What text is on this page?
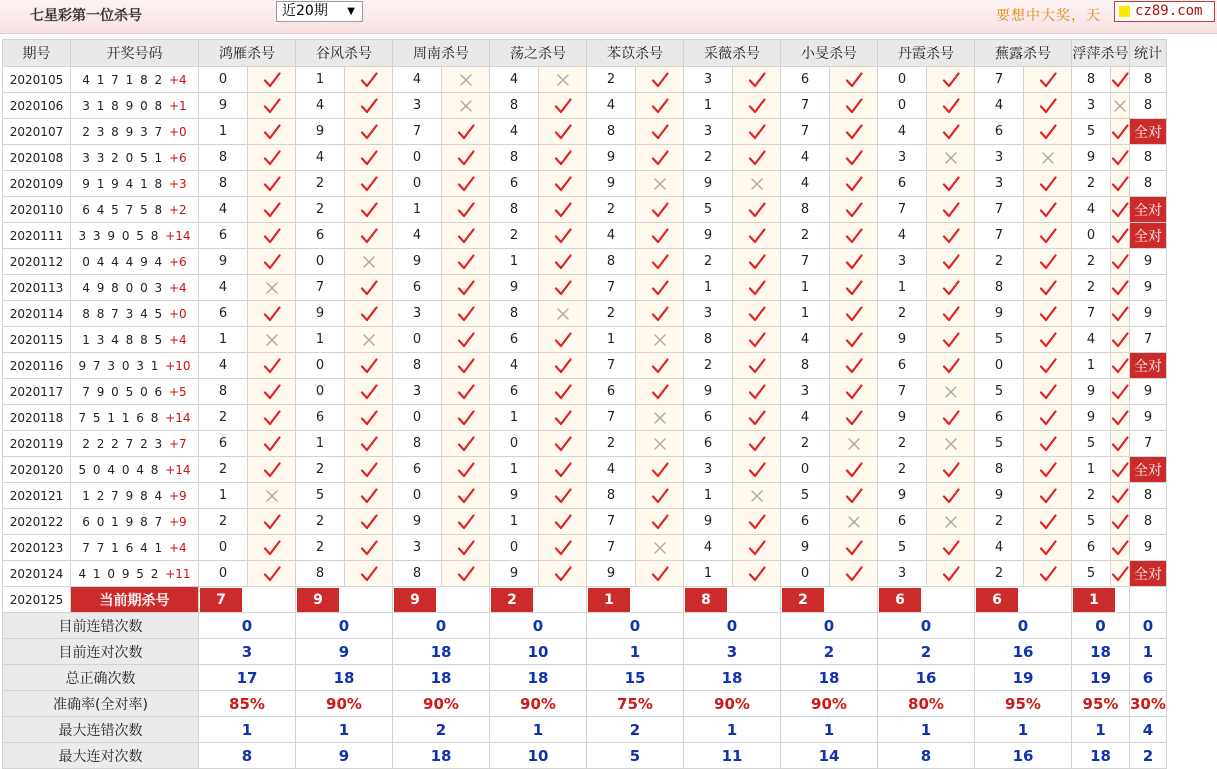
七星彩第一位杀号	近20期 ▼	要想中大奖，天	cz89.com
期号	开奖号码	鸿雁杀号		谷风杀号		周南杀号		荡之杀号		苯苡杀号		采薇杀号		小旻杀号		丹霞杀号		蕪露杀号		浮萍杀号		统计
2020105	4 1 7 1 8 2 +4	0		1		4		4		2		3		6		0		7		8		8
2020106	3 1 8 9 0 8 +1	9		4		3		8		4		1		7		0		4		3		8
2020107	2 3 8 9 3 7 +0	1		9		7		4		8		3		7		4		6		5		全对
2020108	3 3 2 0 5 1 +6	8		4		0		8		9		2		4		3		3		9		8
2020109	9 1 9 4 1 8 +3	8		2		0		6		9		9		4		6		3		2		8
2020110	6 4 5 7 5 8 +2	4		2		1		8		2		5		8		7		7		4		全对
2020111	3 3 9 0 5 8 +14	6		6		4		2		4		9		2		4		7		0		全对
2020112	0 4 4 4 9 4 +6	9		0		9		1		8		2		7		3		2		2		9
2020113	4 9 8 0 0 3 +4	4		7		6		9		7		1		1		1		8		2		9
2020114	8 8 7 3 4 5 +0	6		9		3		8		2		3		1		2		9		7		9
2020115	1 3 4 8 8 5 +4	1		1		0		6		1		8		4		9		5		4		7
2020116	9 7 3 0 3 1 +10	4		0		8		4		7		2		8		6		0		1		全对
2020117	7 9 0 5 0 6 +5	8		0		3		6		6		9		3		7		5		9		9
2020118	7 5 1 1 6 8 +14	2		6		0		1		7		6		4		9		6		9		9
2020119	2 2 2 7 2 3 +7	6		1		8		0		2		6		2		2		5		5		7
2020120	5 0 4 0 4 8 +14	2		2		6		1		4		3		0		2		8		1		全对
2020121	1 2 7 9 8 4 +9	1		5		0		9		8		1		5		9		9		2		8
2020122	6 0 1 9 8 7 +9	2		2		9		1		7		9		6		6		2		5		8
2020123	7 7 1 6 4 1 +4	0		2		3		0		7		4		9		5		4		6		9
2020124	4 1 0 9 5 2 +11	0		8		8		9		9		1		0		3		2		5		全对
2020125	当前期杀号	7		9		9		2		1		8		2		6		6		1		
目前连错次数		0		0		0		0		0		0		0		0		0		0		0
目前连对次数		3		9		18		10		1		3		2		2		16		18		1
总正确次数		17		18		18		18		15		18		18		16		19		19		6
准确率(全对率)		85%		90%		90%		90%		75%		90%		90%		80%		95%		95%		30%
最大连错次数		1		1		2		1		2		1		1		1		1		1		4
最大连对次数		8		9		18		10		5		11		14		8		16		18		2
